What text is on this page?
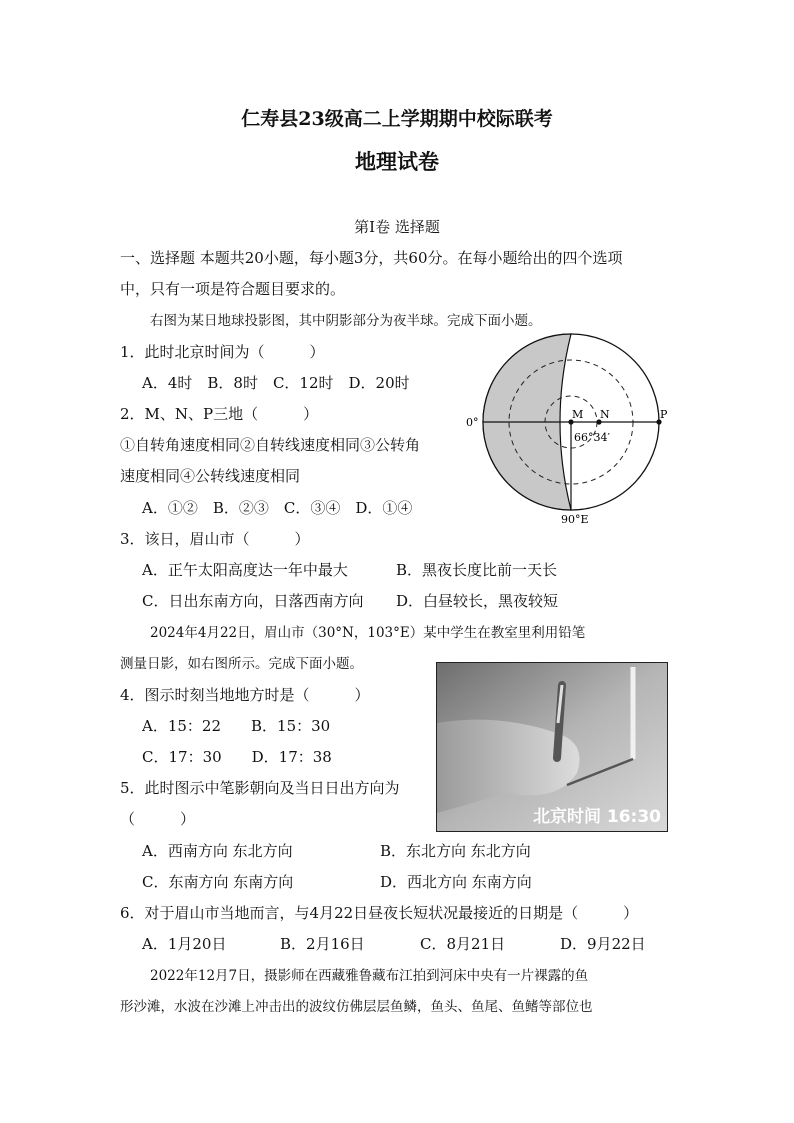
仁寿县23级高二上学期期中校际联考
地理试卷
第Ⅰ卷 选择题
一、选择题 本题共20小题，每小题3分，共60分。在每小题给出的四个选项
中，只有一项是符合题目要求的。
右图为某日地球投影图，其中阴影部分为夜半球。完成下面小题。
1．此时北京时间为（　　　）
A．4时　B．8时　C．12时　D．20时
2．M、N、P三地（　　　）
①自转角速度相同②自转线速度相同③公转角
速度相同④公转线速度相同
A．①②　B．②③　C．③④　D．①④
3．该日，眉山市（　　　）
A．正午太阳高度达一年中最大	B．黑夜长度比前一天长
C．日出东南方向，日落西南方向 D．白昼较长，黑夜较短
M N	P
66°34′
0°
90°E
2024年4月22日，眉山市（30°N，103°E）某中学生在教室里利用铅笔
测量日影，如右图所示。完成下面小题。
北京时间 16:30
4．图示时刻当地地方时是（　　　）
A．15：22　　B．15：30
C．17：30　　D．17：38
5．此时图示中笔影朝向及当日日出方向为
（　　　）
A．西南方向 东北方向	B．东北方向 东北方向
C．东南方向 东南方向	D．西北方向 东南方向
6．对于眉山市当地而言，与4月22日昼夜长短状况最接近的日期是（　　　）
A．1月20日	B．2月16日	C．8月21日	D．9月22日
2022年12月7日，摄影师在西藏雅鲁藏布江拍到河床中央有一片裸露的鱼
形沙滩，水波在沙滩上冲击出的波纹仿佛层层鱼鳞，鱼头、鱼尾、鱼鳍等部位也
